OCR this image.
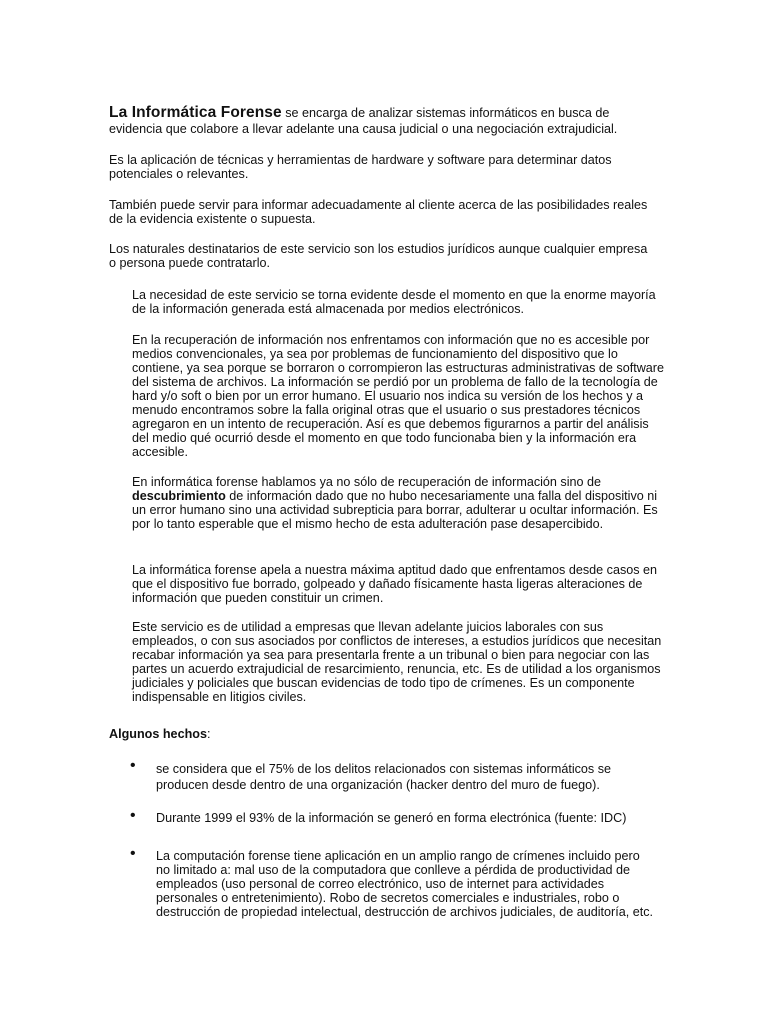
La Informática Forense se encarga de analizar sistemas informáticos en busca de evidencia que colabore a llevar adelante una causa judicial o una negociación extrajudicial.

Es la aplicación de técnicas y herramientas de hardware y software para determinar datos potenciales o relevantes.

También puede servir para informar adecuadamente al cliente acerca de las posibilidades reales de la evidencia existente o supuesta.

Los naturales destinatarios de este servicio son los estudios jurídicos aunque cualquier empresa o persona puede contratarlo.

La necesidad de este servicio se torna evidente desde el momento en que la enorme mayoría de la información generada está almacenada por medios electrónicos.

En la recuperación de información nos enfrentamos con información que no es accesible por medios convencionales, ya sea por problemas de funcionamiento del dispositivo que lo contiene, ya sea porque se borraron o corrompieron las estructuras administrativas de software del sistema de archivos. La información se perdió por un problema de fallo de la tecnología de hard y/o soft o bien por un error humano. El usuario nos indica su versión de los hechos y a menudo encontramos sobre la falla original otras que el usuario o sus prestadores técnicos agregaron en un intento de recuperación. Así es que debemos figurarnos a partir del análisis del medio qué ocurrió desde el momento en que todo funcionaba bien y la información era accesible.

En informática forense hablamos ya no sólo de recuperación de información sino de descubrimiento de información dado que no hubo necesariamente una falla del dispositivo ni un error humano sino una actividad subrepticia para borrar, adulterar u ocultar información. Es por lo tanto esperable que el mismo hecho de esta adulteración pase desapercibido.

La informática forense apela a nuestra máxima aptitud dado que enfrentamos desde casos en que el dispositivo fue borrado, golpeado y dañado físicamente hasta ligeras alteraciones de información que pueden constituir un crimen.

Este servicio es de utilidad a empresas que llevan adelante juicios laborales con sus empleados, o con sus asociados por conflictos de intereses, a estudios jurídicos que necesitan recabar información ya sea para presentarla frente a un tribunal o bien para negociar con las partes un acuerdo extrajudicial de resarcimiento, renuncia, etc. Es de utilidad a los organismos judiciales y policiales que buscan evidencias de todo tipo de crímenes. Es un componente indispensable en litigios civiles.

Algunos hechos:

• se considera que el 75% de los delitos relacionados con sistemas informáticos se producen desde dentro de una organización (hacker dentro del muro de fuego).

• Durante 1999 el 93% de la información se generó en forma electrónica (fuente: IDC)

• La computación forense tiene aplicación en un amplio rango de crímenes incluido pero no limitado a: mal uso de la computadora que conlleve a pérdida de productividad de empleados (uso personal de correo electrónico, uso de internet para actividades personales o entretenimiento). Robo de secretos comerciales e industriales, robo o destrucción de propiedad intelectual, destrucción de archivos judiciales, de auditoría, etc.
